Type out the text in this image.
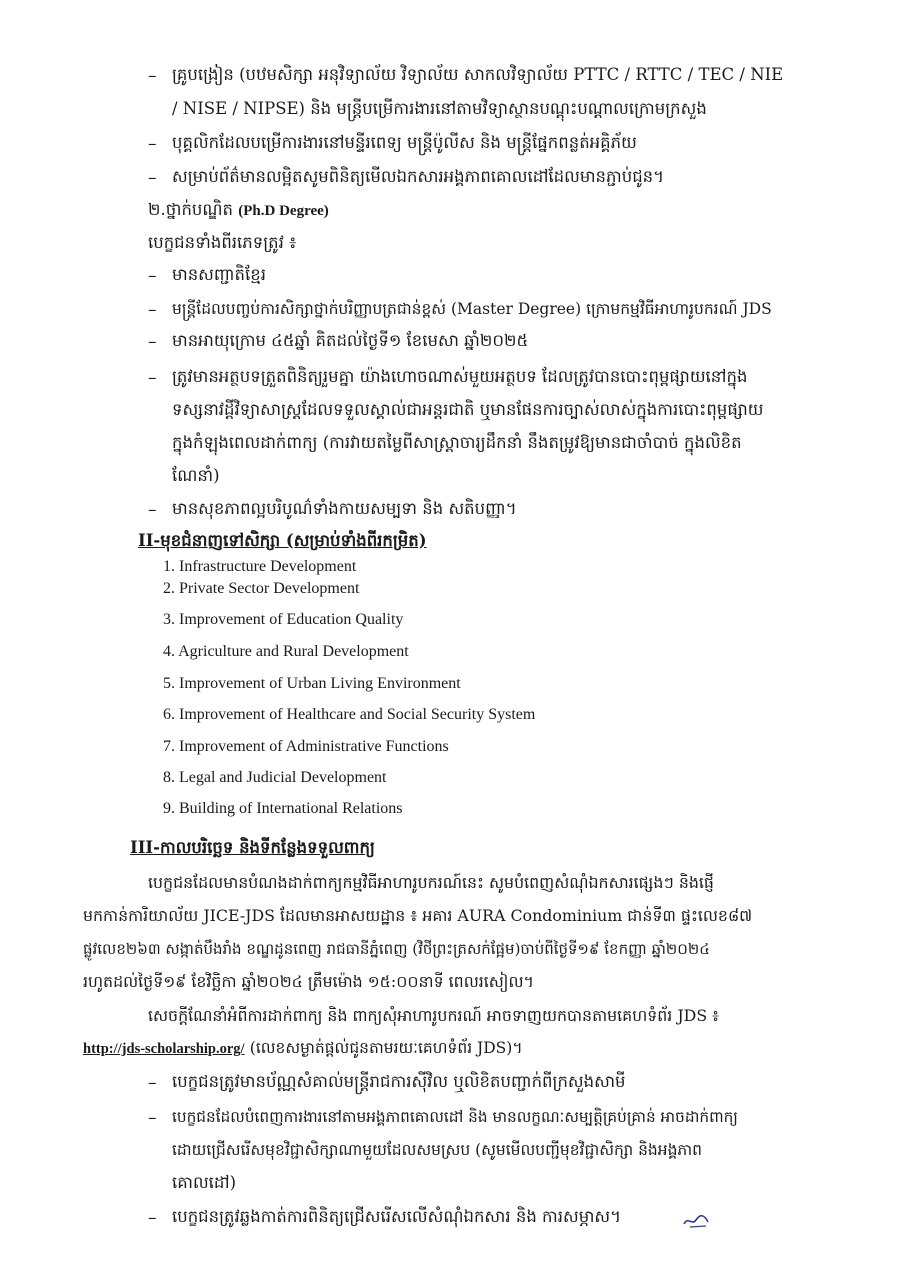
– គ្រូបង្រៀន (បឋមសិក្សា អនុវិទ្យាល័យ វិទ្យាល័យ សាកលវិទ្យាល័យ PTTC / RTTC / TEC / NIE
/ NISE / NIPSE) និង មន្ត្រីបម្រើការងារនៅតាមវិទ្យាស្ថានបណ្តុះបណ្តាលក្រោមក្រសួង
– បុគ្គលិកដែលបម្រើការងារនៅមន្ទីរពេទ្យ មន្ត្រីប៉ូលីស និង មន្ត្រីផ្នែកពន្លត់អគ្គិភ័យ
– សម្រាប់ព័ត៌មានលម្អិតសូមពិនិត្យមើលឯកសារអង្គភាពគោលដៅដែលមានភ្ជាប់ជូន។
២.ថ្នាក់បណ្ឌិត (Ph.D Degree)
បេក្ខជនទាំងពីរភេទត្រូវ ៖
– មានសញ្ជាតិខ្មែរ
– មន្ត្រីដែលបញ្ចប់ការសិក្សាថ្នាក់បរិញ្ញាបត្រជាន់ខ្ពស់ (Master Degree) ក្រោមកម្មវិធីអាហារូបករណ៍ JDS
– មានអាយុក្រោម ៤៥ឆ្នាំ គិតដល់ថ្ងៃទី១ ខែមេសា ឆ្នាំ២០២៥
– ត្រូវមានអត្ថបទត្រួតពិនិត្យរួមគ្នា យ៉ាងហោចណាស់មួយអត្ថបទ ដែលត្រូវបានបោះពុម្ពផ្សាយនៅក្នុង
ទស្សនាវដ្តីវិទ្យាសាស្ត្រដែលទទួលស្គាល់ជាអន្តរជាតិ ឬមានផែនការច្បាស់លាស់ក្នុងការបោះពុម្ពផ្សាយ
ក្នុងកំឡុងពេលដាក់ពាក្យ (ការវាយតម្លៃពីសាស្ត្រាចារ្យដឹកនាំ នឹងតម្រូវឱ្យមានជាចាំបាច់ ក្នុងលិខិត
ណែនាំ)
– មានសុខភាពល្អបរិបូណ៌ទាំងកាយសម្បទា និង សតិបញ្ញា។
II-មុខជំនាញទៅសិក្សា (សម្រាប់ទាំងពីរកម្រិត)
1. Infrastructure Development
2. Private Sector Development
3. Improvement of Education Quality
4. Agriculture and Rural Development
5. Improvement of Urban Living Environment
6. Improvement of Healthcare and Social Security System
7. Improvement of Administrative Functions
8. Legal and Judicial Development
9. Building of International Relations
III-កាលបរិច្ឆេទ និងទីកន្លែងទទួលពាក្យ
បេក្ខជនដែលមានបំណងដាក់ពាក្យកម្មវិធីអាហារូបករណ៍នេះ សូមបំពេញសំណុំឯកសារផ្សេងៗ និងផ្ញើ
មកកាន់ការិយាល័យ JICE-JDS ដែលមានអាសយដ្ឋាន ៖ អគារ AURA Condominium ជាន់ទី៣ ផ្ទះលេខ៨៧
ផ្លូវលេខ២៦៣ សង្កាត់បឹងរាំង ខណ្ឌដូនពេញ រាជធានីភ្នំពេញ (វិថីព្រះត្រសក់ផ្អែម)ចាប់ពីថ្ងៃទី១៩ ខែកញ្ញា ឆ្នាំ២០២៤
រហូតដល់ថ្ងៃទី១៩ ខែវិច្ឆិកា ឆ្នាំ២០២៤ ត្រឹមម៉ោង ១៥:០០នាទី ពេលរសៀល។
សេចក្តីណែនាំអំពីការដាក់ពាក្យ និង ពាក្យសុំអាហារូបករណ៍ អាចទាញយកបានតាមគេហទំព័រ JDS ៖
http://jds-scholarship.org/ (លេខសម្ងាត់ផ្តល់ជូនតាមរយៈគេហទំព័រ JDS)។
– បេក្ខជនត្រូវមានប័ណ្ណសំគាល់មន្ត្រីរាជការស៊ីវិល ឬលិខិតបញ្ជាក់ពីក្រសួងសាមី
– បេក្ខជនដែលបំពេញការងារនៅតាមអង្គភាពគោលដៅ និង មានលក្ខណៈសម្បត្តិគ្រប់គ្រាន់ អាចដាក់ពាក្យ
ដោយជ្រើសរើសមុខវិជ្ជាសិក្សាណាមួយដែលសមស្រប (សូមមើលបញ្ជីមុខវិជ្ជាសិក្សា និងអង្គភាព
គោលដៅ)
– បេក្ខជនត្រូវឆ្លងកាត់ការពិនិត្យជ្រើសរើសលើសំណុំឯកសារ និង ការសម្ភាស។
